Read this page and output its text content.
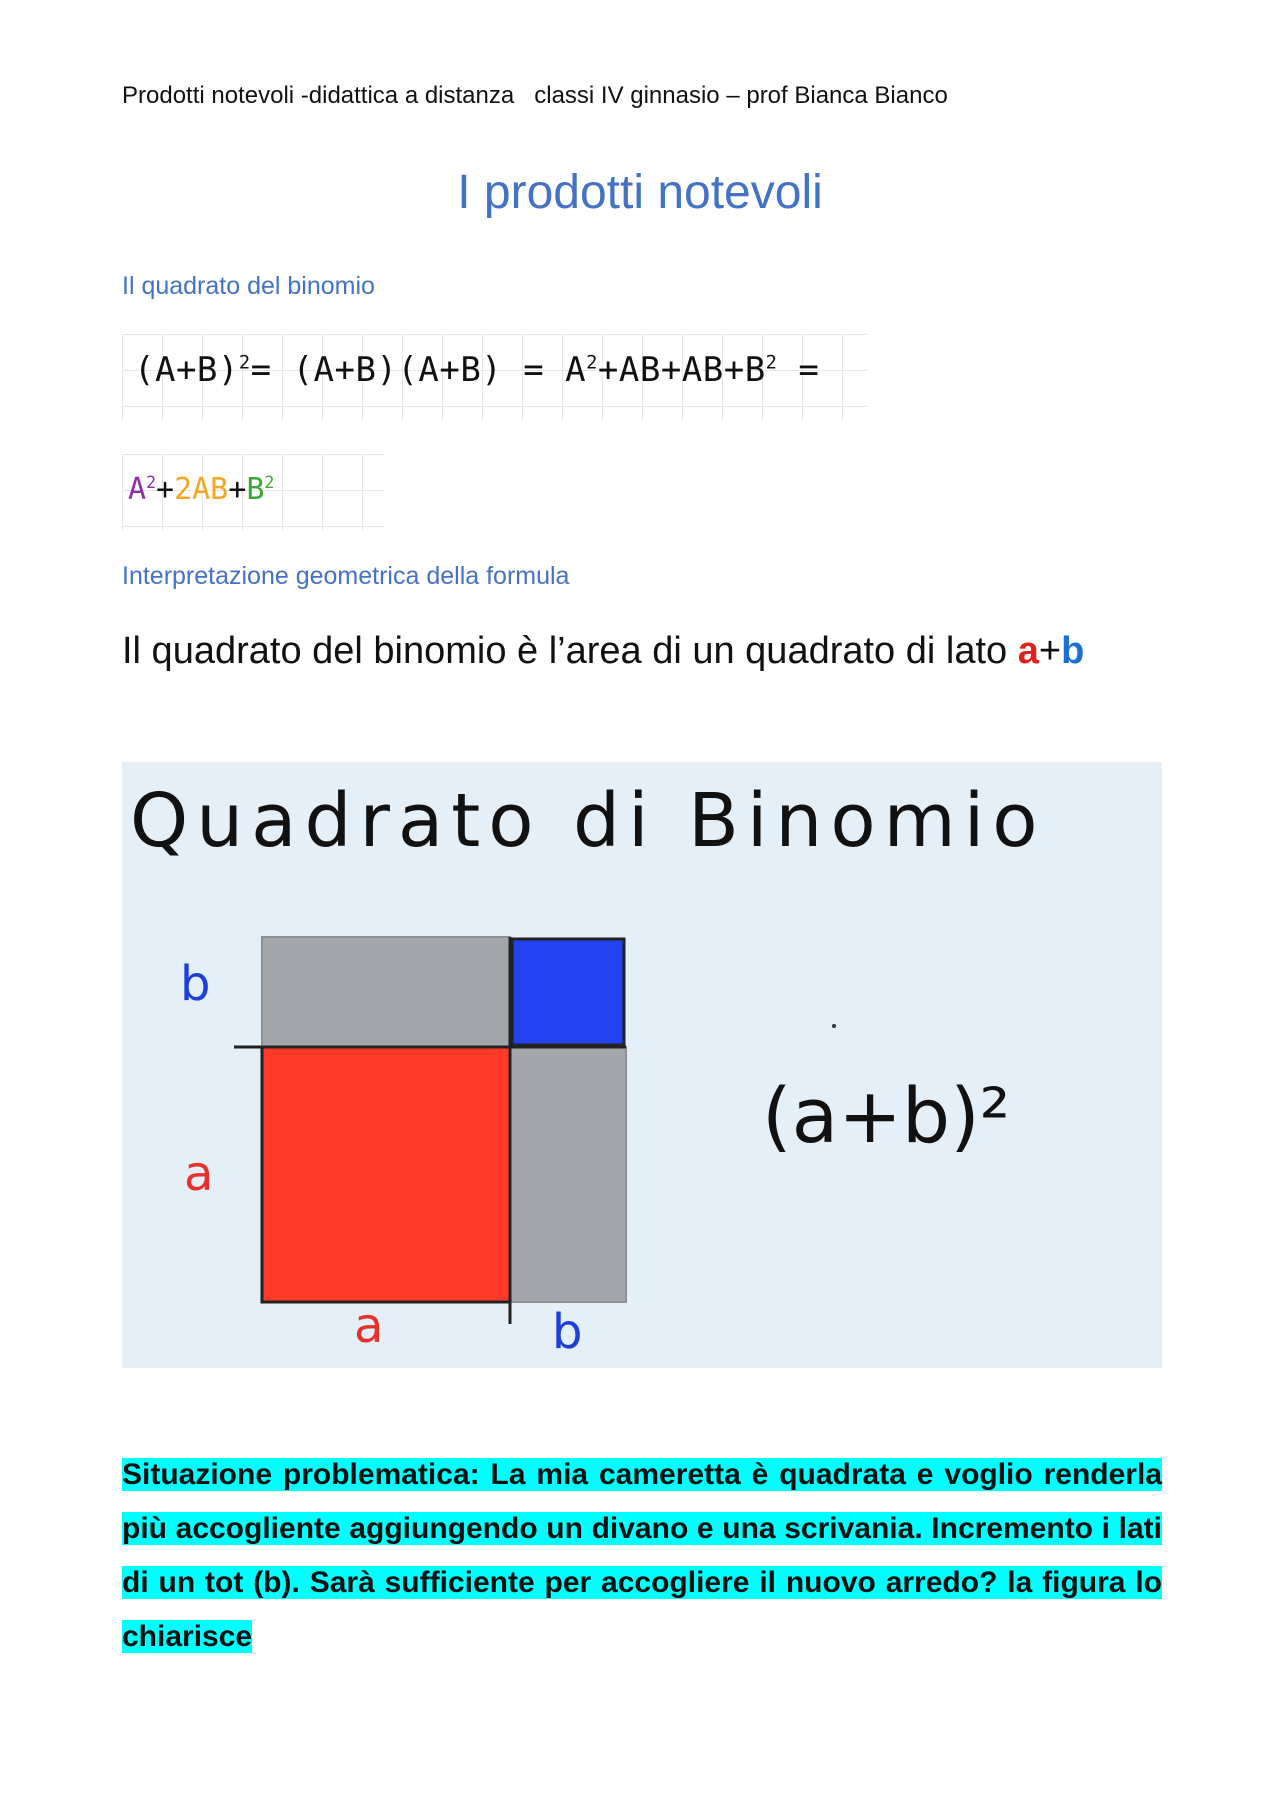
Prodotti notevoli -didattica a distanza   classi IV ginnasio – prof Bianca Bianco
I prodotti notevoli
Il quadrato del binomio
$(A+B)^2= (A+B)(A+B) = A^2+AB+AB+B^2$ =
$A^2+2AB+B^2$
Interpretazione geometrica della formula
Il quadrato del binomio è l’area di un quadrato di lato a+b
Quadrato di Binomio
b
a
a	b
(a+b)²
Situazione problematica: La mia cameretta è quadrata e voglio renderla più accogliente aggiungendo un divano e una scrivania. Incremento i lati di un tot (b). Sarà sufficiente per accogliere il nuovo arredo? la figura lo chiarisce
